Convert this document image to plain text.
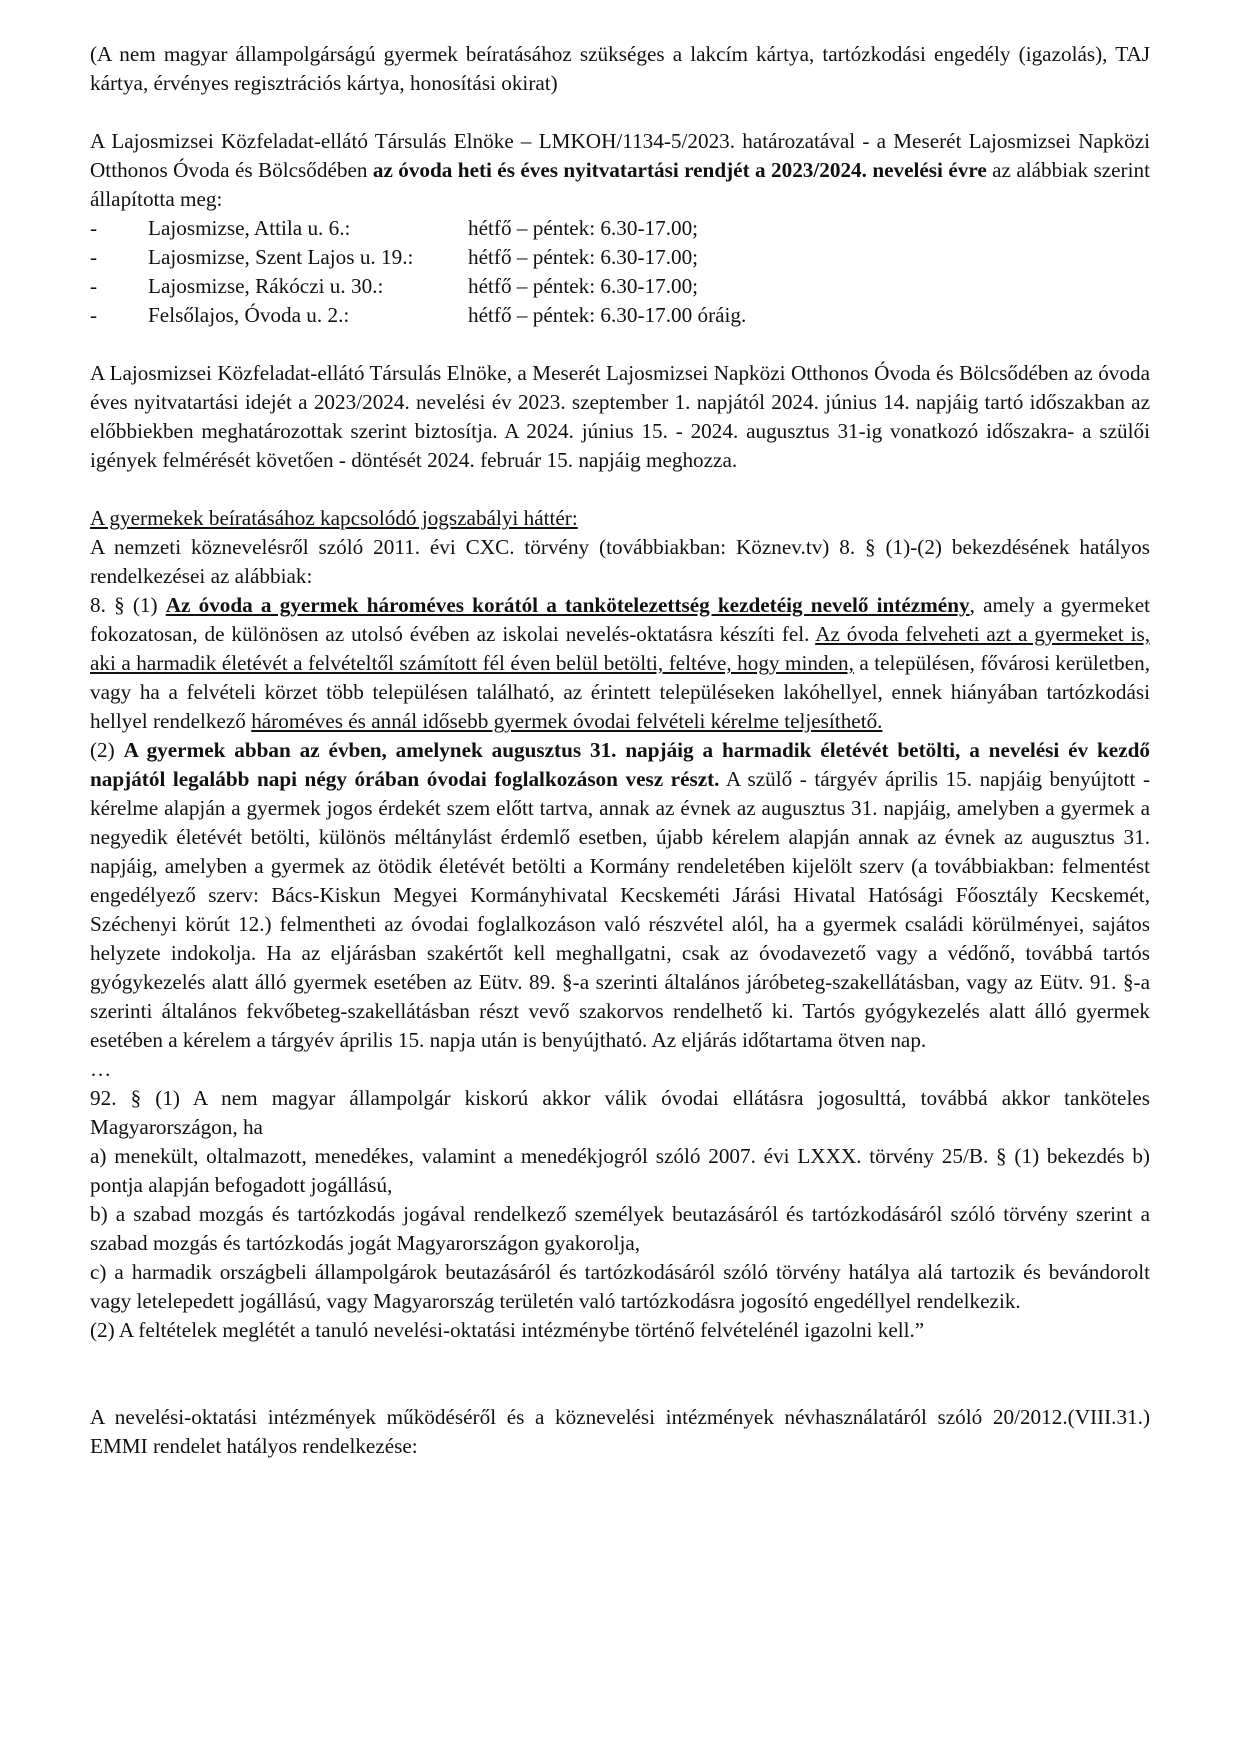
(A nem magyar állampolgárságú gyermek beíratásához szükséges a lakcím kártya, tartózkodási engedély (igazolás), TAJ kártya, érvényes regisztrációs kártya, honosítási okirat)

A Lajosmizsei Közfeladat-ellátó Társulás Elnöke – LMKOH/1134-5/2023. határozatával - a Meserét Lajosmizsei Napközi Otthonos Óvoda és Bölcsődében az óvoda heti és éves nyitvatartási rendjét a 2023/2024. nevelési évre az alábbiak szerint állapította meg:

-	Lajosmizse, Attila u. 6.:	hétfő – péntek: 6.30-17.00;
-	Lajosmizse, Szent Lajos u. 19.:	hétfő – péntek: 6.30-17.00;
-	Lajosmizse, Rákóczi u. 30.:	hétfő – péntek: 6.30-17.00;
-	Felsőlajos, Óvoda u. 2.:	hétfő – péntek: 6.30-17.00 óráig.

A Lajosmizsei Közfeladat-ellátó Társulás Elnöke, a Meserét Lajosmizsei Napközi Otthonos Óvoda és Bölcsődében az óvoda éves nyitvatartási idejét a 2023/2024. nevelési év 2023. szeptember 1. napjától 2024. június 14. napjáig tartó időszakban az előbbiekben meghatározottak szerint biztosítja. A 2024. június 15. - 2024. augusztus 31-ig vonatkozó időszakra- a szülői igények felmérését követően - döntését 2024. február 15. napjáig meghozza.

A gyermekek beíratásához kapcsolódó jogszabályi háttér:

A nemzeti köznevelésről szóló 2011. évi CXC. törvény (továbbiakban: Köznev.tv) 8. § (1)-(2) bekezdésének hatályos rendelkezései az alábbiak:

8. § (1) Az óvoda a gyermek hároméves korától a tankötelezettség kezdetéig nevelő intézmény, amely a gyermeket fokozatosan, de különösen az utolsó évében az iskolai nevelés-oktatásra készíti fel. Az óvoda felveheti azt a gyermeket is, aki a harmadik életévét a felvételtől számított fél éven belül betölti, feltéve, hogy minden, a településen, fővárosi kerületben, vagy ha a felvételi körzet több településen található, az érintett településeken lakóhellyel, ennek hiányában tartózkodási hellyel rendelkező hároméves és annál idősebb gyermek óvodai felvételi kérelme teljesíthető.

(2) A gyermek abban az évben, amelynek augusztus 31. napjáig a harmadik életévét betölti, a nevelési év kezdő napjától legalább napi négy órában óvodai foglalkozáson vesz részt. A szülő - tárgyév április 15. napjáig benyújtott - kérelme alapján a gyermek jogos érdekét szem előtt tartva, annak az évnek az augusztus 31. napjáig, amelyben a gyermek a negyedik életévét betölti, különös méltánylást érdemlő esetben, újabb kérelem alapján annak az évnek az augusztus 31. napjáig, amelyben a gyermek az ötödik életévét betölti a Kormány rendeletében kijelölt szerv (a továbbiakban: felmentést engedélyező szerv: Bács-Kiskun Megyei Kormányhivatal Kecskeméti Járási Hivatal Hatósági Főosztály Kecskemét, Széchenyi körút 12.) felmentheti az óvodai foglalkozáson való részvétel alól, ha a gyermek családi körülményei, sajátos helyzete indokolja. Ha az eljárásban szakértőt kell meghallgatni, csak az óvodavezető vagy a védőnő, továbbá tartós gyógykezelés alatt álló gyermek esetében az Eütv. 89. §-a szerinti általános járóbeteg-szakellátásban, vagy az Eütv. 91. §-a szerinti általános fekvőbeteg-szakellátásban részt vevő szakorvos rendelhető ki. Tartós gyógykezelés alatt álló gyermek esetében a kérelem a tárgyév április 15. napja után is benyújtható. Az eljárás időtartama ötven nap.

…

92. § (1) A nem magyar állampolgár kiskorú akkor válik óvodai ellátásra jogosulttá, továbbá akkor tanköteles Magyarországon, ha

a) menekült, oltalmazott, menedékes, valamint a menedékjogról szóló 2007. évi LXXX. törvény 25/B. § (1) bekezdés b) pontja alapján befogadott jogállású,

b) a szabad mozgás és tartózkodás jogával rendelkező személyek beutazásáról és tartózkodásáról szóló törvény szerint a szabad mozgás és tartózkodás jogát Magyarországon gyakorolja,

c) a harmadik országbeli állampolgárok beutazásáról és tartózkodásáról szóló törvény hatálya alá tartozik és bevándorolt vagy letelepedett jogállású, vagy Magyarország területén való tartózkodásra jogosító engedéllyel rendelkezik.

(2) A feltételek meglétét a tanuló nevelési-oktatási intézménybe történő felvételénél igazolni kell.”

A nevelési-oktatási intézmények működéséről és a köznevelési intézmények névhasználatáról szóló 20/2012.(VIII.31.) EMMI rendelet hatályos rendelkezése:
